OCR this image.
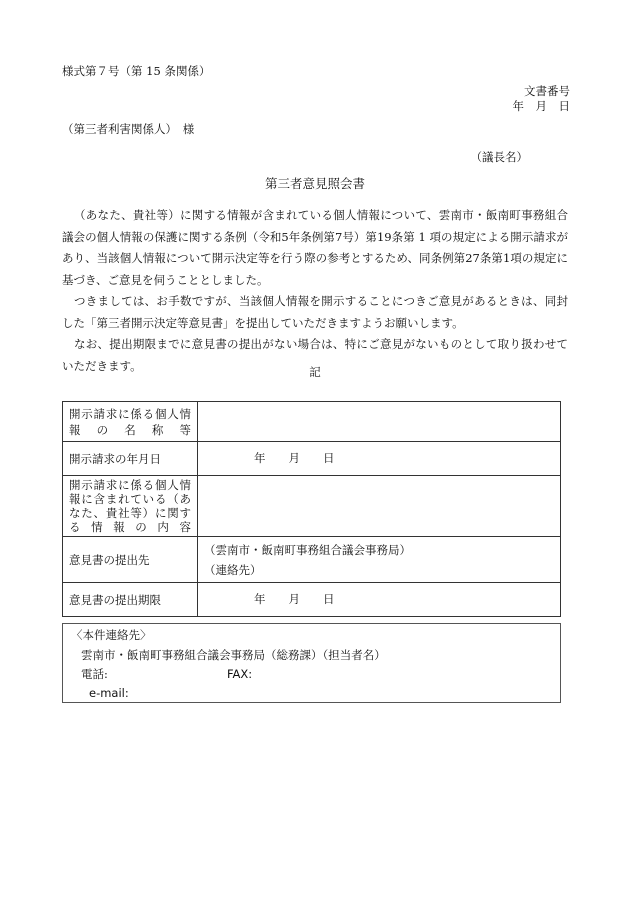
様式第７号（第 15 条関係）
文書番号
年　月　日
（第三者利害関係人）　様
（議長名）
第三者意見照会書
（あなた、貴社等）に関する情報が含まれている個人情報について、雲南市・飯南町事務組合議会の個人情報の保護に関する条例（令和5年条例第7号）第19条第 1 項の規定による開示請求があり、当該個人情報について開示決定等を行う際の参考とするため、同条例第27条第1項の規定に基づき、ご意見を伺うこととしました。
つきましては、お手数ですが、当該個人情報を開示することにつきご意見があるときは、同封した「第三者開示決定等意見書」を提出していただきますようお願いします。
なお、提出期限までに意見書の提出がない場合は、特にご意見がないものとして取り扱わせていただきます。	記
開示請求に係る個人情報の名称等	
開示請求の年月日	年　　月　　日
開示請求に係る個人情報に含まれている（あなた、貴社等）に関する情報の内容	
意見書の提出先	（雲南市・飯南町事務組合議会事務局）
（連絡先）

意見書の提出期限	年　　月　　日
〈本件連絡先〉
雲南市・飯南町事務組合議会事務局（総務課）（担当者名）
電話:	FAX:
e-mail:
